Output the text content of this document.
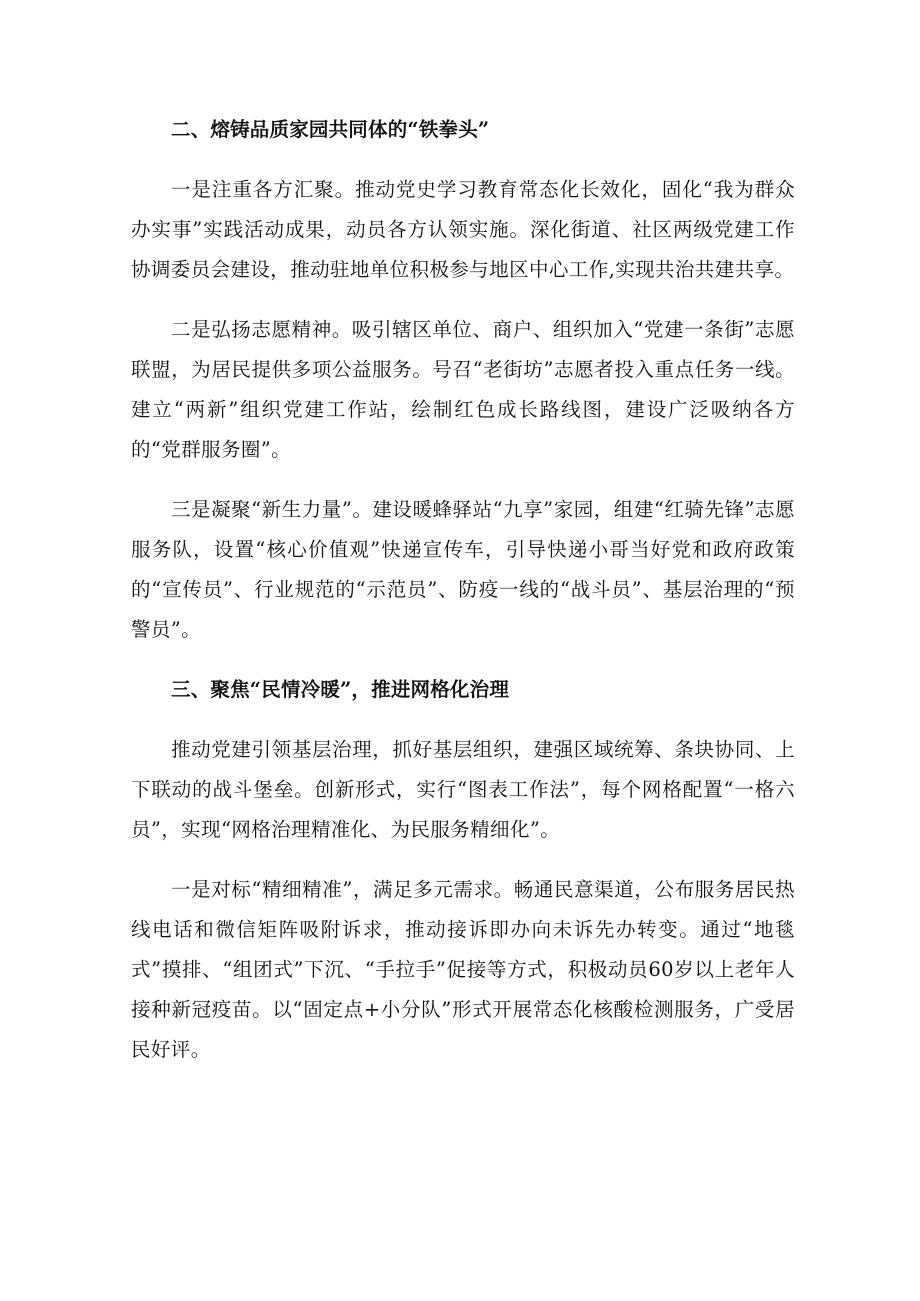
二、熔铸品质家园共同体的“铁拳头”

一是注重各方汇聚。推动党史学习教育常态化长效化，固化“我为群众办实事”实践活动成果，动员各方认领实施。深化街道、社区两级党建工作协调委员会建设，推动驻地单位积极参与地区中心工作,实现共治共建共享。

二是弘扬志愿精神。吸引辖区单位、商户、组织加入“党建一条街”志愿联盟，为居民提供多项公益服务。号召“老街坊”志愿者投入重点任务一线。建立“两新”组织党建工作站，绘制红色成长路线图，建设广泛吸纳各方的“党群服务圈”。

三是凝聚“新生力量”。建设暖蜂驿站“九享”家园，组建“红骑先锋”志愿服务队，设置“核心价值观”快递宣传车，引导快递小哥当好党和政府政策的“宣传员”、行业规范的“示范员”、防疫一线的“战斗员”、基层治理的“预警员”。

三、聚焦“民情冷暖”，推进网格化治理

推动党建引领基层治理，抓好基层组织，建强区域统筹、条块协同、上下联动的战斗堡垒。创新形式，实行“图表工作法”，每个网格配置“一格六员”，实现“网格治理精准化、为民服务精细化”。

一是对标“精细精准”，满足多元需求。畅通民意渠道，公布服务居民热线电话和微信矩阵吸附诉求，推动接诉即办向未诉先办转变。通过“地毯式”摸排、“组团式”下沉、“手拉手”促接等方式，积极动员60岁以上老年人接种新冠疫苗。以“固定点+小分队”形式开展常态化核酸检测服务，广受居民好评。
